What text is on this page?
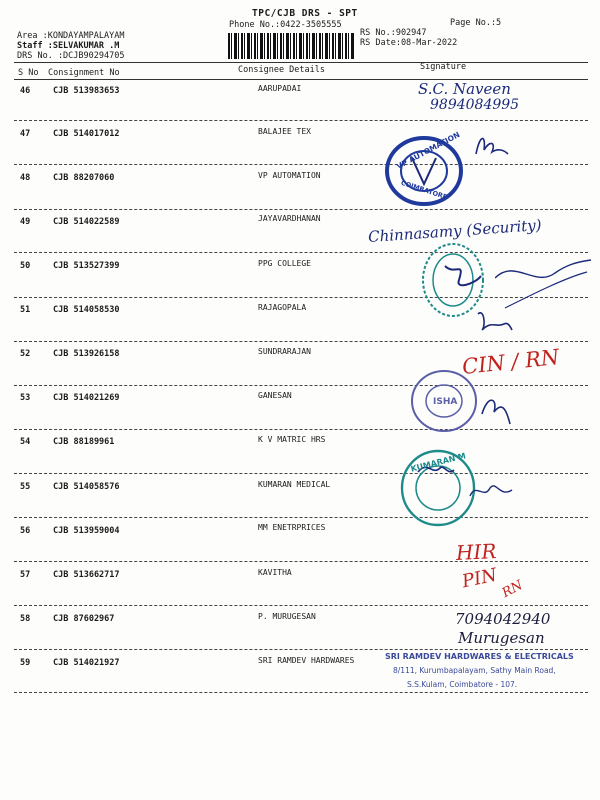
TPC/CJB DRS - SPT
Phone No.:0422-3505555	Page No.:5
Area :KONDAYAMPALAYAM
Staff :SELVAKUMAR .M
DRS No. :DCJB90294705
RS No.:902947
RS Date:08-Mar-2022
S No Consignment No	Consignee Details	Signature
46	CJB 513983653	AARUPADAI
47	CJB 514017012	BALAJEE TEX
48	CJB 88207060	VP AUTOMATION
49	CJB 514022589	JAYAVARDHANAN
50	CJB 513527399	PPG COLLEGE
51	CJB 514058530	RAJAGOPALA
52	CJB 513926158	SUNDRARAJAN
53	CJB 514021269	GANESAN
54	CJB 88189961	K V MATRIC HRS
55	CJB 514058576	KUMARAN MEDICAL
56	CJB 513959004	MM ENETRPRICES
57	CJB 513662717	KAVITHA
58	CJB 87602967	P. MURUGESAN
59	CJB 514021927	SRI RAMDEV HARDWARES
S.C. Naveen
9894084995
VP AUTOMATION
COIMBATORE
Chinnasamy (Security)
CIN / RN
ISHA
KUMARAN M
HIR
PIN RN
7094042940
Murugesan
SRI RAMDEV HARDWARES & ELECTRICALS
8/111, Kurumbapalayam, Sathy Main Road,
S.S.Kulam, Coimbatore - 107.
